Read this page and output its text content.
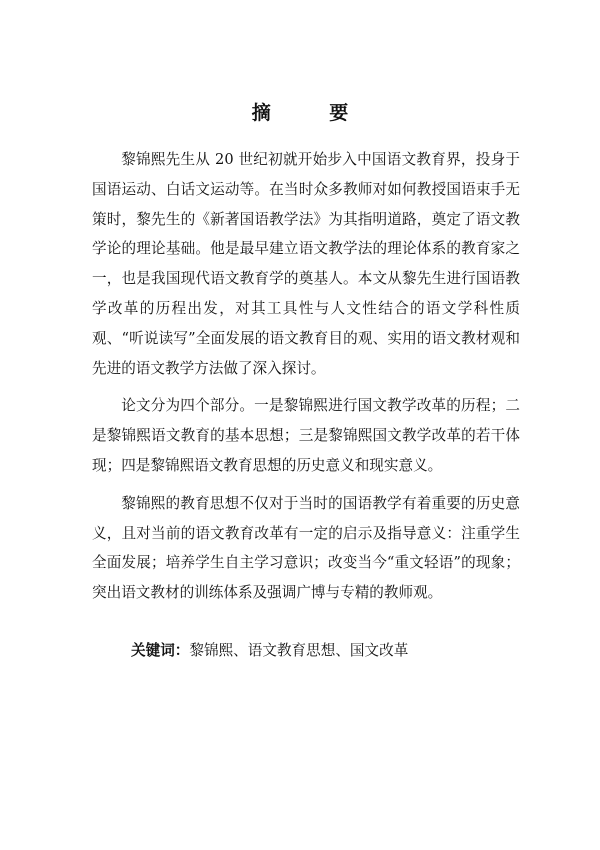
摘 要

黎锦熙先生从 20 世纪初就开始步入中国语文教育界，投身于国语运动、白话文运动等。在当时众多教师对如何教授国语束手无策时，黎先生的《新著国语教学法》为其指明道路，奠定了语文教学论的理论基础。他是最早建立语文教学法的理论体系的教育家之一，也是我国现代语文教育学的奠基人。本文从黎先生进行国语教学改革的历程出发，对其工具性与人文性结合的语文学科性质观、“听说读写”全面发展的语文教育目的观、实用的语文教材观和先进的语文教学方法做了深入探讨。

论文分为四个部分。一是黎锦熙进行国文教学改革的历程；二是黎锦熙语文教育的基本思想；三是黎锦熙国文教学改革的若干体现；四是黎锦熙语文教育思想的历史意义和现实意义。

黎锦熙的教育思想不仅对于当时的国语教学有着重要的历史意义，且对当前的语文教育改革有一定的启示及指导意义：注重学生全面发展；培养学生自主学习意识；改变当今“重文轻语”的现象；突出语文教材的训练体系及强调广博与专精的教师观。

关键词：黎锦熙、语文教育思想、国文改革
